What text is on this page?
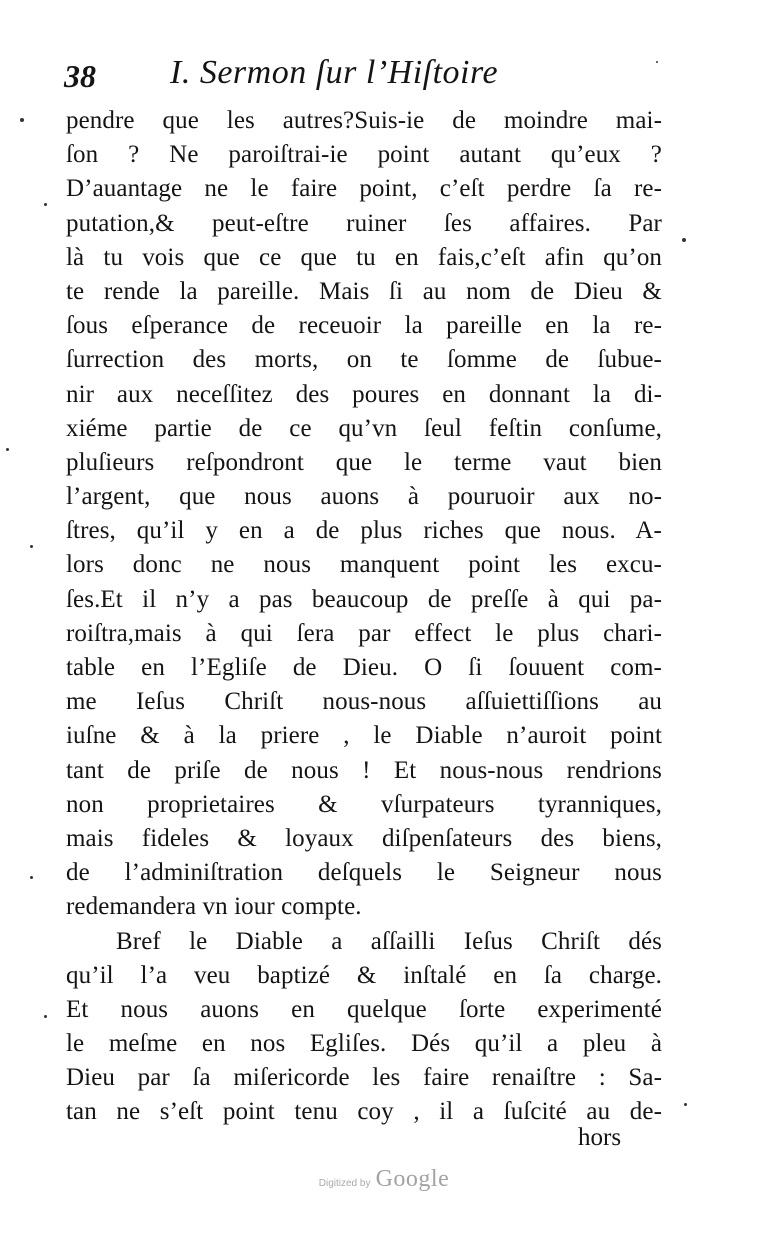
38 I. Sermon ſur l’Hiſtoire
pendre que les autres?Suis-ie de moindre mai-
ſon ? Ne paroiſtrai-ie point autant qu’eux ?
D’auantage ne le faire point, c’eſt perdre ſa re-
putation,& peut-eſtre ruiner ſes affaires. Par
là tu vois que ce que tu en fais,c’eſt afin qu’on
te rende la pareille. Mais ſi au nom de Dieu &
ſous eſperance de receuoir la pareille en la re-
ſurrection des morts, on te ſomme de ſubue-
nir aux neceſſitez des poures en donnant la di-
xiéme partie de ce qu’vn ſeul feſtin conſume,
pluſieurs reſpondront que le terme vaut bien
l’argent, que nous auons à pouruoir aux no-
ſtres, qu’il y en a de plus riches que nous. A-
lors donc ne nous manquent point les excu-
ſes.Et il n’y a pas beaucoup de preſſe à qui pa-
roiſtra,mais à qui ſera par effect le plus chari-
table en l’Egliſe de Dieu. O ſi ſouuent com-
me Ieſus Chriſt nous-nous aſſuiettiſſions au
iuſne & à la priere , le Diable n’auroit point
tant de priſe de nous ! Et nous-nous rendrions
non proprietaires & vſurpateurs tyranniques,
mais fideles & loyaux diſpenſateurs des biens,
de l’adminiſtration deſquels le Seigneur nous
redemandera vn iour compte.
Bref le Diable a aſſailli Ieſus Chriſt dés
qu’il l’a veu baptizé & inſtalé en ſa charge.
Et nous auons en quelque ſorte experimenté
le meſme en nos Egliſes. Dés qu’il a pleu à
Dieu par ſa miſericorde les faire renaiſtre : Sa-
tan ne s’eſt point tenu coy , il a ſuſcité au de-
hors
Digitized by Google
